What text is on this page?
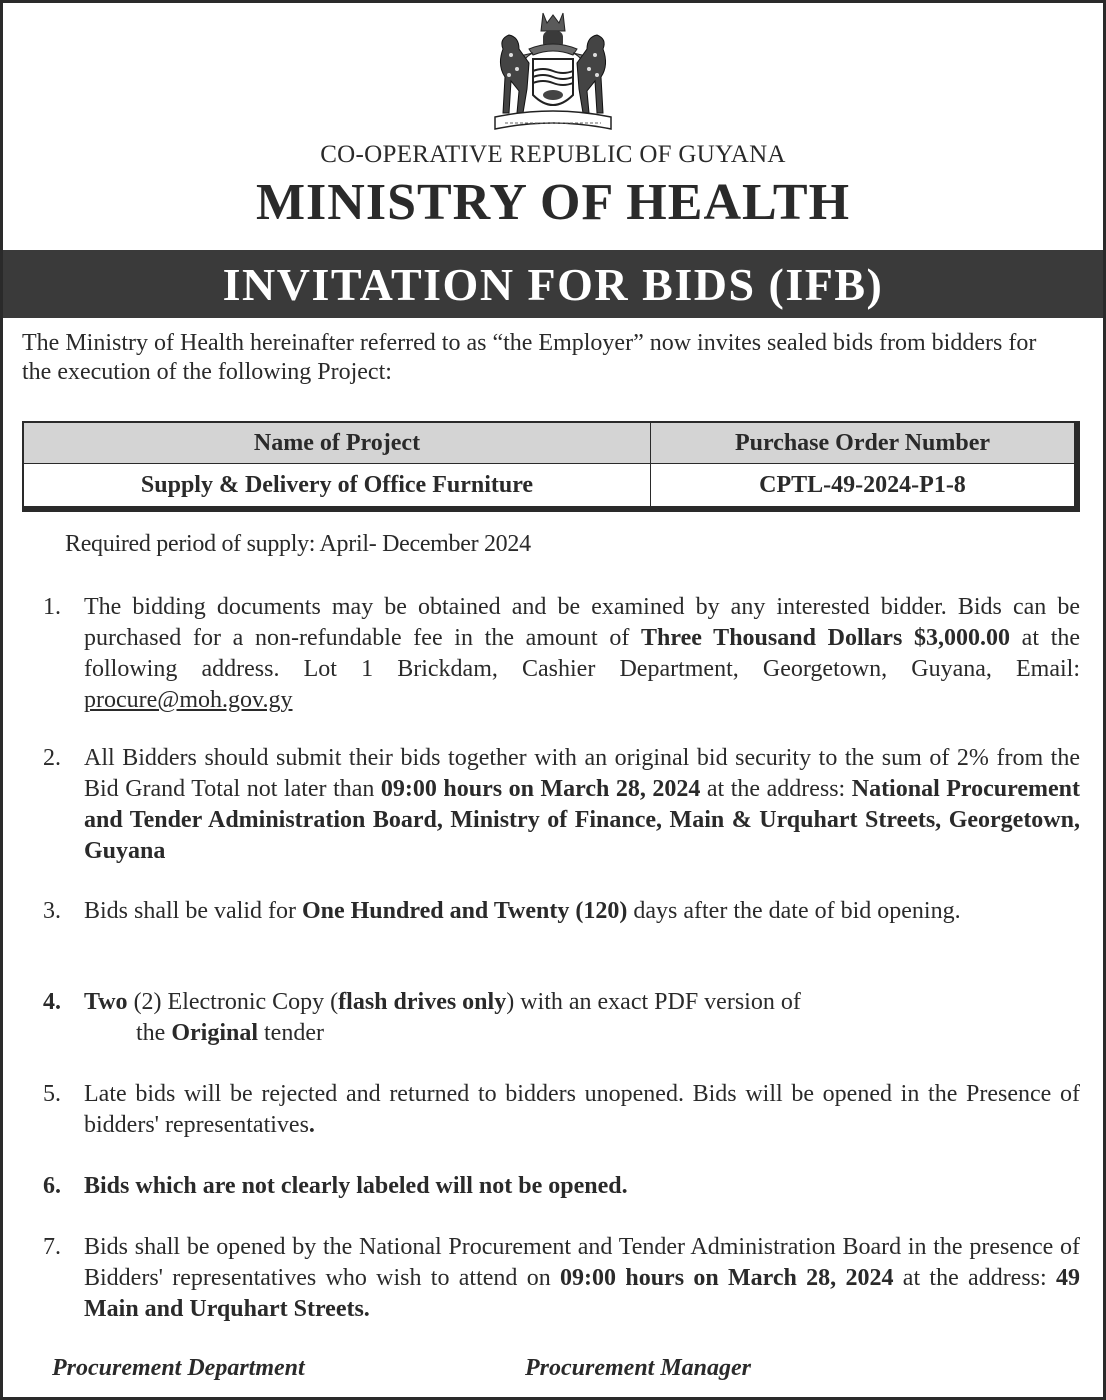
CO-OPERATIVE REPUBLIC OF GUYANA
MINISTRY OF HEALTH
INVITATION FOR BIDS (IFB)
The Ministry of Health hereinafter referred to as “the Employer” now invites sealed bids from bidders for the execution of the following Project:
Name of Project	Purchase Order Number
Supply & Delivery of Office Furniture	CPTL-49-2024-P1-8
Required period of supply: April- December 2024
1. The bidding documents may be obtained and be examined by any interested bidder. Bids can be purchased for a non-refundable fee in the amount of Three Thousand Dollars $3,000.00 at the following address. Lot 1 Brickdam, Cashier Department, Georgetown, Guyana, Email: procure@moh.gov.gy
2. All Bidders should submit their bids together with an original bid security to the sum of 2% from the Bid Grand Total not later than 09:00 hours on March 28, 2024 at the address: National Procurement and Tender Administration Board, Ministry of Finance, Main & Urquhart Streets, Georgetown, Guyana
3. Bids shall be valid for One Hundred and Twenty (120) days after the date of bid opening.
4. Two (2) Electronic Copy (flash drives only) with an exact PDF version of
the Original tender
5. Late bids will be rejected and returned to bidders unopened. Bids will be opened in the Presence of bidders' representatives.
6. Bids which are not clearly labeled will not be opened.
7. Bids shall be opened by the National Procurement and Tender Administration Board in the presence of Bidders' representatives who wish to attend on 09:00 hours on March 28, 2024 at the address: 49 Main and Urquhart Streets.
Procurement Department	Procurement Manager
